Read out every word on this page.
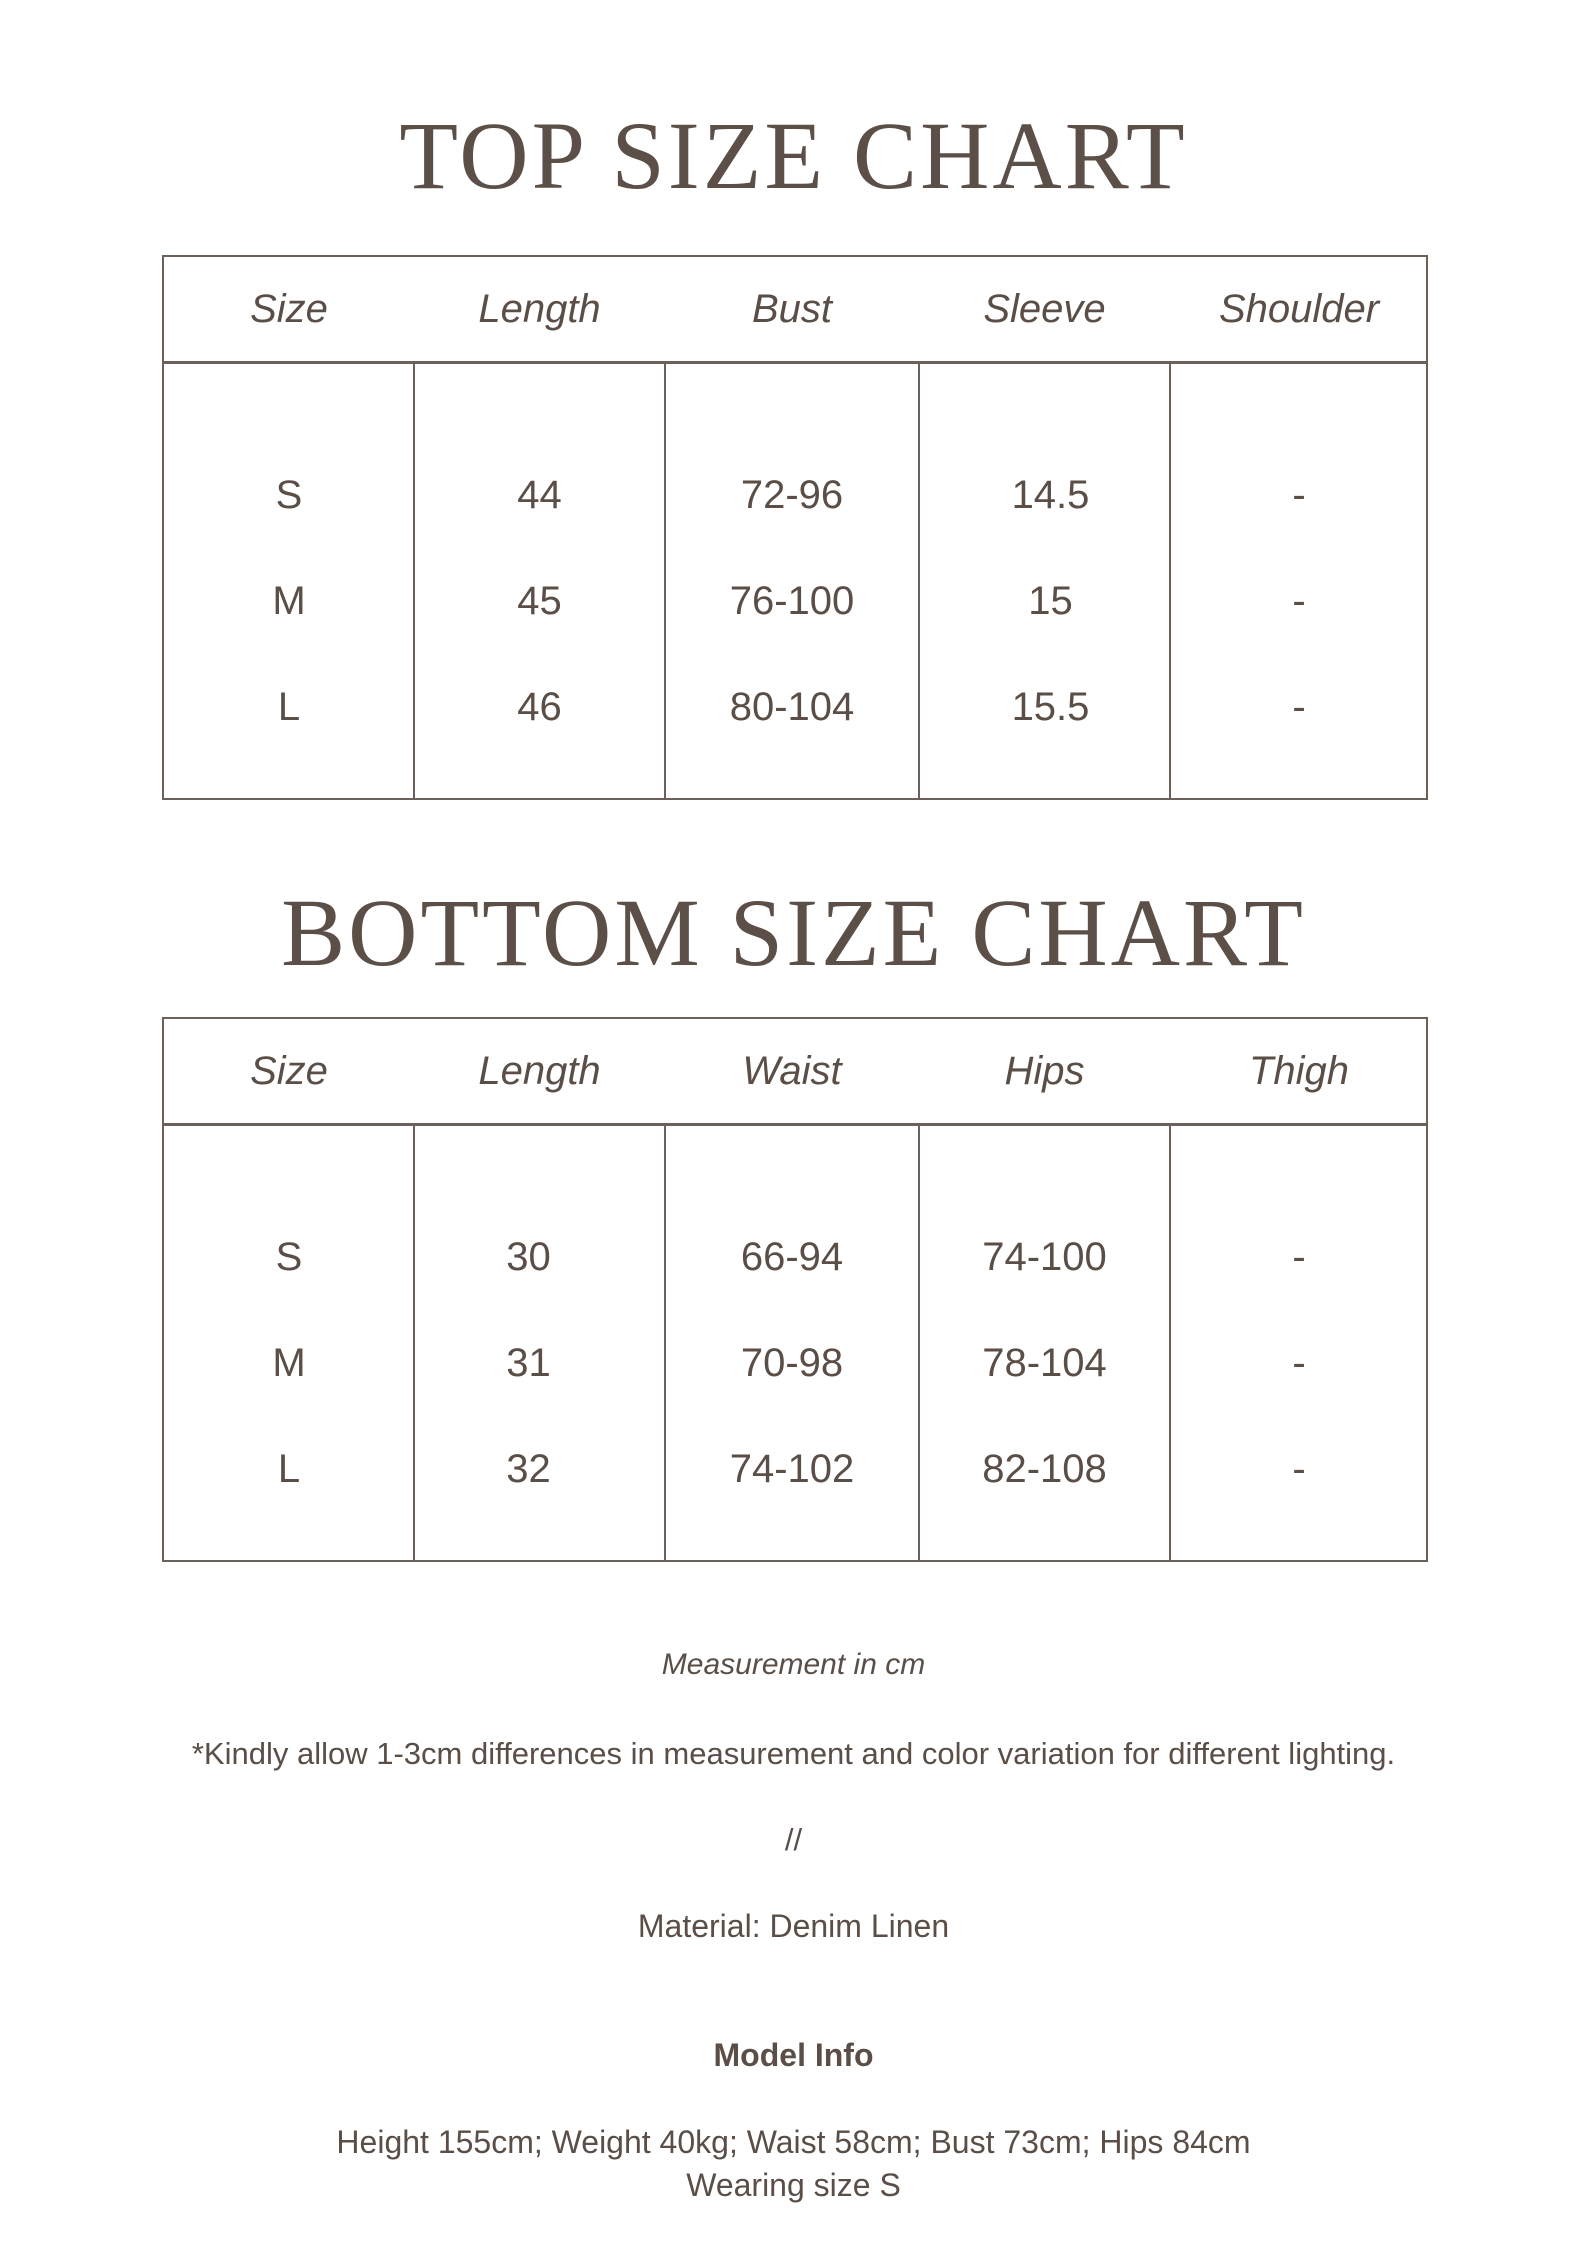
TOP SIZE CHART
Size	Length	Bust	Sleeve	Shoulder
S	44	72-96	14.5	-
M	45	76-100	15	-
L	46	80-104	15.5	-
BOTTOM SIZE CHART
Size	Length	Waist	Hips	Thigh
S	30	66-94	74-100	-
M	31	70-98	78-104	-
L	32	74-102	82-108	-
Measurement in cm
*Kindly allow 1-3cm differences in measurement and color variation for different lighting.
//
Material: Denim Linen
Model Info
Height 155cm; Weight 40kg; Waist 58cm; Bust 73cm; Hips 84cm
Wearing size S
